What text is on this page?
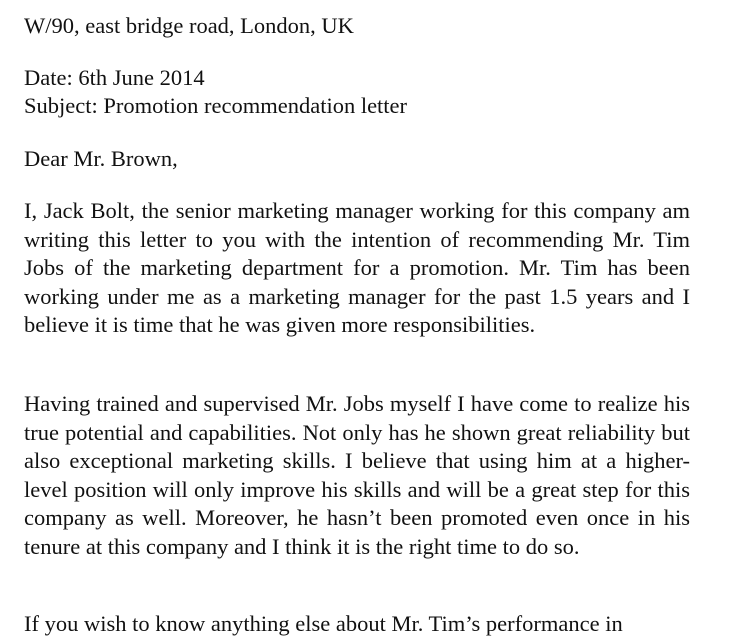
W/90, east bridge road, London, UK
Date: 6th June 2014
Subject: Promotion recommendation letter
Dear Mr. Brown,
I, Jack Bolt, the senior marketing manager working for this company am writing this letter to you with the intention of recommending Mr. Tim Jobs of the marketing department for a promotion. Mr. Tim has been working under me as a marketing manager for the past 1.5 years and I believe it is time that he was given more responsibilities.
Having trained and supervised Mr. Jobs myself I have come to realize his true potential and capabilities. Not only has he shown great reliability but also exceptional marketing skills. I believe that using him at a higher-level position will only improve his skills and will be a great step for this company as well. Moreover, he hasn’t been promoted even once in his tenure at this company and I think it is the right time to do so.
If you wish to know anything else about Mr. Tim’s performance in
